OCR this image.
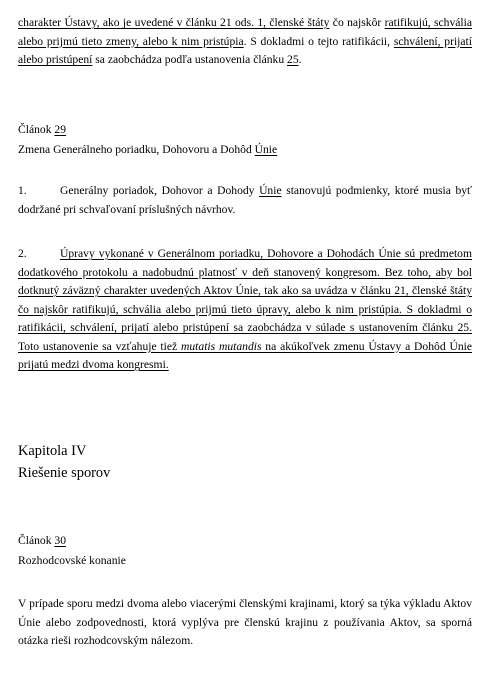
charakter Ústavy, ako je uvedené v článku 21 ods. 1, členské štáty čo najskôr ratifikujú, schvália alebo prijmú tieto zmeny, alebo k nim pristúpia. S dokladmi o tejto ratifikácii, schválení, prijatí alebo pristúpení sa zaobchádza podľa ustanovenia článku 25.

Článok 29

Zmena Generálneho poriadku, Dohovoru a Dohôd Únie

1.	Generálny poriadok, Dohovor a Dohody Únie stanovujú podmienky, ktoré musia byť dodržané pri schvaľovaní príslušných návrhov.

2.	Úpravy vykonané v Generálnom poriadku, Dohovore a Dohodách Únie sú predmetom dodatkového protokolu a nadobudnú platnosť v deň stanovený kongresom. Bez toho, aby bol dotknutý záväzný charakter uvedených Aktov Únie, tak ako sa uvádza v článku 21, členské štáty čo najskôr ratifikujú, schvália alebo prijmú tieto úpravy, alebo k nim pristúpia. S dokladmi o ratifikácii, schválení, prijatí alebo pristúpení sa zaobchádza v súlade s ustanovením článku 25. Toto ustanovenie sa vzťahuje tiež mutatis mutandis na akúkoľvek zmenu Ústavy a Dohôd Únie prijatú medzi dvoma kongresmi.

Kapitola IV

Riešenie sporov

Článok 30

Rozhodcovské konanie

V prípade sporu medzi dvoma alebo viacerými členskými krajinami, ktorý sa týka výkladu Aktov Únie alebo zodpovednosti, ktorá vyplýva pre členskú krajinu z používania Aktov, sa sporná otázka rieši rozhodcovským nálezom.
